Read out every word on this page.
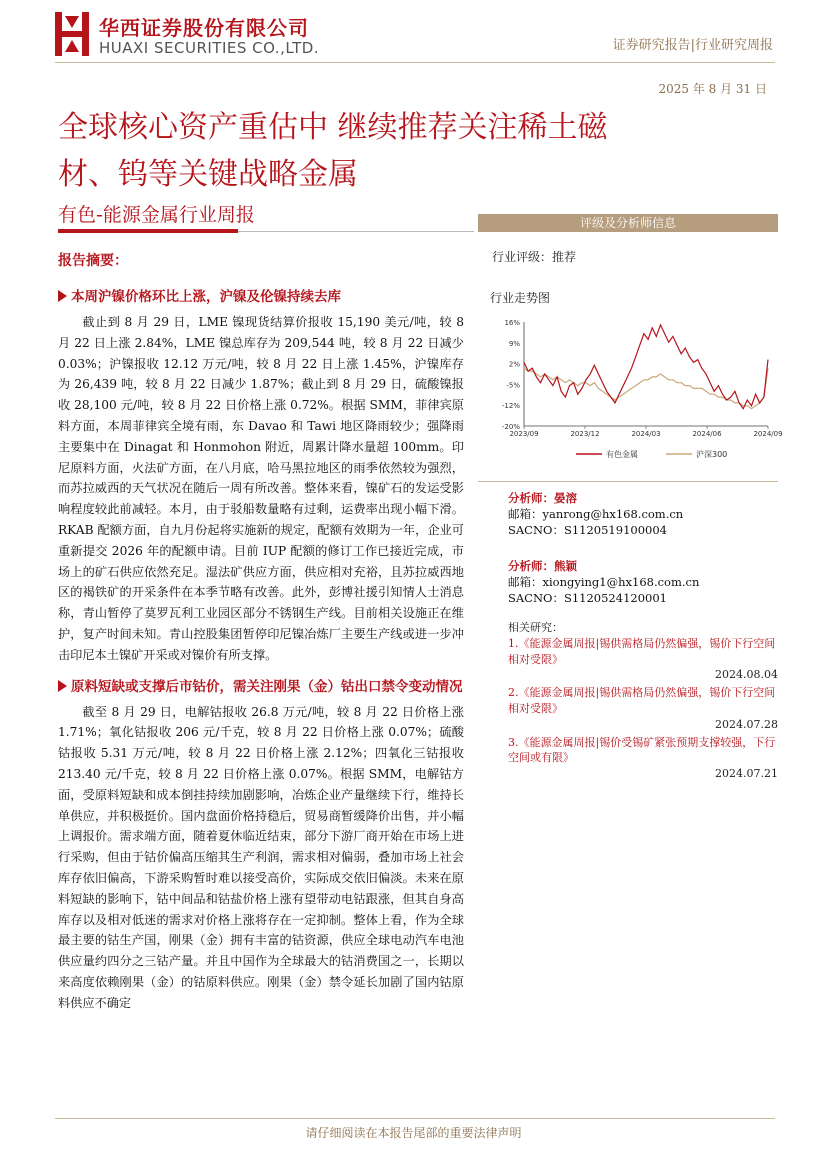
华西证券股份有限公司
HUAXI SECURITIES CO.,LTD.	证券研究报告|行业研究周报
2025 年 8 月 31 日
全球核心资产重估中 继续推荐关注稀土磁
材、钨等关键战略金属
有色-能源金属行业周报
报告摘要：
本周沪镍价格环比上涨，沪镍及伦镍持续去库
截止到 8 月 29 日，LME 镍现货结算价报收 15,190 美元/吨，较 8 月 22 日上涨 2.84%，LME 镍总库存为 209,544 吨，较 8 月 22 日减少 0.03%；沪镍报收 12.12 万元/吨，较 8 月 22 日上涨 1.45%，沪镍库存为 26,439 吨，较 8 月 22 日减少 1.87%；截止到 8 月 29 日，硫酸镍报收 28,100 元/吨，较 8 月 22 日价格上涨 0.72%。根据 SMM，菲律宾原料方面，本周菲律宾全境有雨，东 Davao 和 Tawi 地区降雨较少；强降雨主要集中在 Dinagat 和 Honmohon 附近，周累计降水量超 100mm。印尼原料方面，火法矿方面，在八月底，哈马黑拉地区的雨季依然较为强烈，而苏拉威西的天气状况在随后一周有所改善。整体来看，镍矿石的发运受影响程度较此前减轻。本月，由于驳船数量略有过剩，运费率出现小幅下滑。RKAB 配额方面，自九月份起将实施新的规定，配额有效期为一年，企业可重新提交 2026 年的配额申请。目前 IUP 配额的修订工作已接近完成，市场上的矿石供应依然充足。湿法矿供应方面，供应相对充裕，且苏拉威西地区的褐铁矿的开采条件在本季节略有改善。此外，彭博社援引知情人士消息称，青山暂停了莫罗瓦利工业园区部分不锈钢生产线。目前相关设施正在维护，复产时间未知。青山控股集团暂停印尼镍冶炼厂主要生产线或进一步冲击印尼本土镍矿开采或对镍价有所支撑。
原料短缺或支撑后市钴价，需关注刚果（金）钴出口禁令变动情况
截至 8 月 29 日，电解钴报收 26.8 万元/吨，较 8 月 22 日价格上涨 1.71%；氧化钴报收 206 元/千克，较 8 月 22 日价格上涨 0.07%；硫酸钴报收 5.31 万元/吨，较 8 月 22 日价格上涨 2.12%；四氧化三钴报收 213.40 元/千克，较 8 月 22 日价格上涨 0.07%。根据 SMM，电解钴方面，受原料短缺和成本倒挂持续加剧影响，冶炼企业产量继续下行，维持长单供应，并积极挺价。国内盘面价格持稳后，贸易商暂缓降价出售，并小幅上调报价。需求端方面，随着夏休临近结束，部分下游厂商开始在市场上进行采购，但由于钴价偏高压缩其生产利润，需求相对偏弱，叠加市场上社会库存依旧偏高，下游采购暂时难以接受高价，实际成交依旧偏淡。未来在原料短缺的影响下，钴中间品和钴盐价格上涨有望带动电钴跟涨，但其自身高库存以及相对低迷的需求对价格上涨将存在一定抑制。整体上看，作为全球最主要的钴生产国，刚果（金）拥有丰富的钴资源，供应全球电动汽车电池供应量约四分之三钴产量。并且中国作为全球最大的钴消费国之一，长期以来高度依赖刚果（金）的钴原料供应。刚果（金）禁令延长加剧了国内钴原料供应不确定
评级及分析师信息
行业评级：推荐
行业走势图
16%
9%
2%
-5%
-12%
-20%
2023/09	2023/12	2024/03	2024/06	2024/09
有色金属	沪深300
分析师：晏溶
邮箱：yanrong@hx168.com.cn
SACNO：S1120519100004
分析师：熊颖
邮箱：xiongying1@hx168.com.cn
SACNO：S1120524120001
相关研究：
1.《能源金属周报|锡供需格局仍然偏强，锡价下行空间相对受限》
2024.08.04
2.《能源金属周报|锡供需格局仍然偏强，锡价下行空间相对受限》
2024.07.28
3.《能源金属周报|锡价受锡矿紧张预期支撑较强，下行空间或有限》
2024.07.21
请仔细阅读在本报告尾部的重要法律声明
